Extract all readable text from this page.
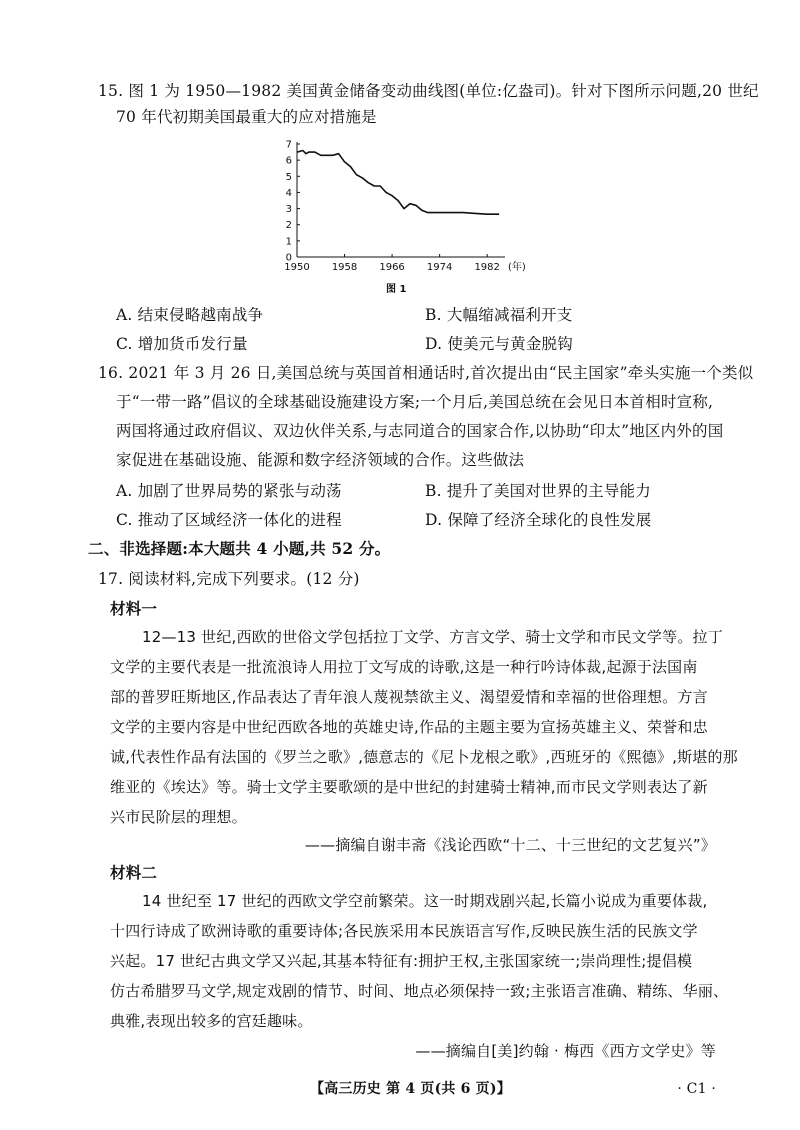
15. 图 1 为 1950—1982 美国黄金储备变动曲线图(单位:亿盎司)。针对下图所示问题,20 世纪
70 年代初期美国最重大的应对措施是
0
1
2
3
4
5
6
7
1950 1958 1966 1974 1982 (年)
图 1
A. 结束侵略越南战争	B. 大幅缩减福利开支
C. 增加货币发行量	D. 使美元与黄金脱钩
16. 2021 年 3 月 26 日,美国总统与英国首相通话时,首次提出由“民主国家”牵头实施一个类似
于“一带一路”倡议的全球基础设施建设方案;一个月后,美国总统在会见日本首相时宣称,
两国将通过政府倡议、双边伙伴关系,与志同道合的国家合作,以协助“印太”地区内外的国
家促进在基础设施、能源和数字经济领域的合作。这些做法
A. 加剧了世界局势的紧张与动荡	B. 提升了美国对世界的主导能力
C. 推动了区域经济一体化的进程	D. 保障了经济全球化的良性发展
二、非选择题:本大题共 4 小题,共 52 分。
17. 阅读材料,完成下列要求。(12 分)
材料一
12—13 世纪,西欧的世俗文学包括拉丁文学、方言文学、骑士文学和市民文学等。拉丁
文学的主要代表是一批流浪诗人用拉丁文写成的诗歌,这是一种行吟诗体裁,起源于法国南
部的普罗旺斯地区,作品表达了青年浪人蔑视禁欲主义、渴望爱情和幸福的世俗理想。方言
文学的主要内容是中世纪西欧各地的英雄史诗,作品的主题主要为宣扬英雄主义、荣誉和忠
诚,代表性作品有法国的《罗兰之歌》,德意志的《尼卜龙根之歌》,西班牙的《熙德》,斯堪的那
维亚的《埃达》等。骑士文学主要歌颂的是中世纪的封建骑士精神,而市民文学则表达了新
兴市民阶层的理想。
——摘编自谢丰斋《浅论西欧“十二、十三世纪的文艺复兴”》
材料二
14 世纪至 17 世纪的西欧文学空前繁荣。这一时期戏剧兴起,长篇小说成为重要体裁,
十四行诗成了欧洲诗歌的重要诗体;各民族采用本民族语言写作,反映民族生活的民族文学
兴起。17 世纪古典文学又兴起,其基本特征有:拥护王权,主张国家统一;崇尚理性;提倡模
仿古希腊罗马文学,规定戏剧的情节、时间、地点必须保持一致;主张语言准确、精练、华丽、
典雅,表现出较多的宫廷趣味。
——摘编自[美]约翰 · 梅西《西方文学史》等
【高三历史 第 4 页(共 6 页)】	· C1 ·
